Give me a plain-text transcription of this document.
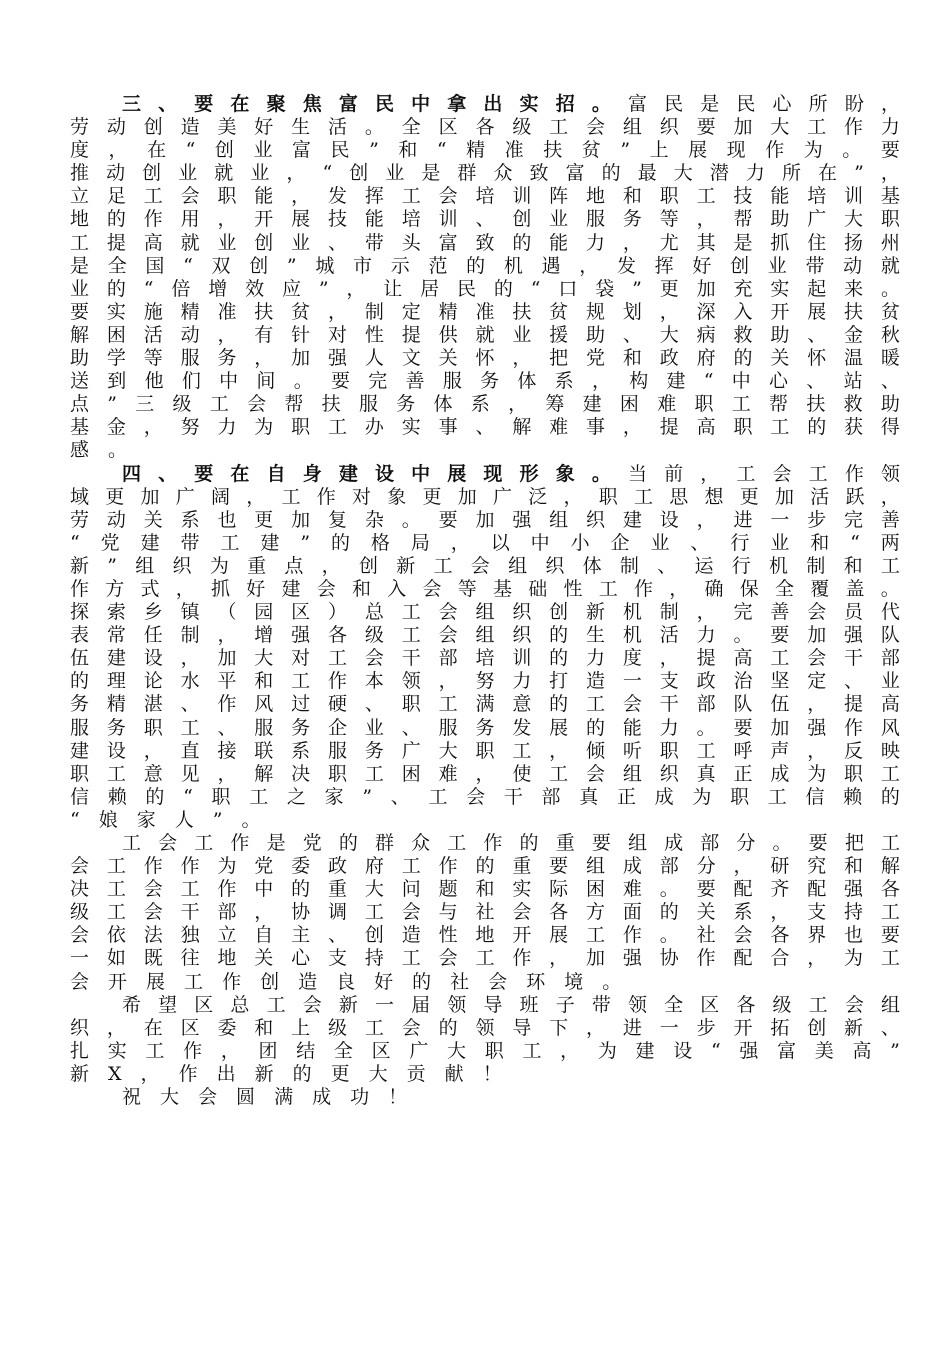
三 、 要 在 聚 焦 富 民 中 拿 出 实 招 。 富 民 是 民 心 所 盼 ，
劳 动 创 造 美 好 生 活 。 全 区 各 级 工 会 组 织 要 加 大 工 作 力
度 ， 在 “ 创 业 富 民 ” 和 “ 精 准 扶 贫 ” 上 展 现 作 为 。 要
推 动 创 业 就 业 ， “ 创 业 是 群 众 致 富 的 最 大 潜 力 所 在 ” ，
立 足 工 会 职 能 ， 发 挥 工 会 培 训 阵 地 和 职 工 技 能 培 训 基
地 的 作 用 ， 开 展 技 能 培 训 、 创 业 服 务 等 ， 帮 助 广 大 职
工 提 高 就 业 创 业 、 带 头 富 致 的 能 力 ， 尤 其 是 抓 住 扬 州
是 全 国 “ 双 创 ” 城 市 示 范 的 机 遇 ， 发 挥 好 创 业 带 动 就
业 的 “ 倍 增 效 应 ” ， 让 居 民 的 “ 口 袋 ” 更 加 充 实 起 来 。
要 实 施 精 准 扶 贫 ， 制 定 精 准 扶 贫 规 划 ， 深 入 开 展 扶 贫
解 困 活 动 ， 有 针 对 性 提 供 就 业 援 助 、 大 病 救 助 、 金 秋
助 学 等 服 务 ， 加 强 人 文 关 怀 ， 把 党 和 政 府 的 关 怀 温 暖
送 到 他 们 中 间 。 要 完 善 服 务 体 系 ， 构 建 “ 中 心 、 站 、
点 ” 三 级 工 会 帮 扶 服 务 体 系 ， 筹 建 困 难 职 工 帮 扶 救 助
基 金 ， 努 力 为 职 工 办 实 事 、 解 难 事 ， 提 高 职 工 的 获 得
感 。
四 、 要 在 自 身 建 设 中 展 现 形 象 。 当 前 ， 工 会 工 作 领
域 更 加 广 阔 ， 工 作 对 象 更 加 广 泛 ， 职 工 思 想 更 加 活 跃 ，
劳 动 关 系 也 更 加 复 杂 。 要 加 强 组 织 建 设 ， 进 一 步 完 善
“ 党 建 带 工 建 ” 的 格 局 ， 以 中 小 企 业 、 行 业 和 “ 两
新 ” 组 织 为 重 点 ， 创 新 工 会 组 织 体 制 、 运 行 机 制 和 工
作 方 式 ， 抓 好 建 会 和 入 会 等 基 础 性 工 作 ， 确 保 全 覆 盖 。
探 索 乡 镇 （ 园 区 ） 总 工 会 组 织 创 新 机 制 ， 完 善 会 员 代
表 常 任 制 ， 增 强 各 级 工 会 组 织 的 生 机 活 力 。 要 加 强 队
伍 建 设 ， 加 大 对 工 会 干 部 培 训 的 力 度 ， 提 高 工 会 干 部
的 理 论 水 平 和 工 作 本 领 ， 努 力 打 造 一 支 政 治 坚 定 、 业
务 精 湛 、 作 风 过 硬 、 职 工 满 意 的 工 会 干 部 队 伍 ， 提 高
服 务 职 工 、 服 务 企 业 、 服 务 发 展 的 能 力 。 要 加 强 作 风
建 设 ， 直 接 联 系 服 务 广 大 职 工 ， 倾 听 职 工 呼 声 ， 反 映
职 工 意 见 ， 解 决 职 工 困 难 ， 使 工 会 组 织 真 正 成 为 职 工
信 赖 的 “ 职 工 之 家 ” 、 工 会 干 部 真 正 成 为 职 工 信 赖 的
“ 娘 家 人 ” 。
工 会 工 作 是 党 的 群 众 工 作 的 重 要 组 成 部 分 。 要 把 工
会 工 作 作 为 党 委 政 府 工 作 的 重 要 组 成 部 分 ， 研 究 和 解
决 工 会 工 作 中 的 重 大 问 题 和 实 际 困 难 。 要 配 齐 配 强 各
级 工 会 干 部 ， 协 调 工 会 与 社 会 各 方 面 的 关 系 ， 支 持 工
会 依 法 独 立 自 主 、 创 造 性 地 开 展 工 作 。 社 会 各 界 也 要
一 如 既 往 地 关 心 支 持 工 会 工 作 ， 加 强 协 作 配 合 ， 为 工
会 开 展 工 作 创 造 良 好 的 社 会 环 境 。
希 望 区 总 工 会 新 一 届 领 导 班 子 带 领 全 区 各 级 工 会 组
织 ， 在 区 委 和 上 级 工 会 的 领 导 下 ， 进 一 步 开 拓 创 新 、
扎 实 工 作 ， 团 结 全 区 广 大 职 工 ， 为 建 设 “ 强 富 美 高 ”
新 X ， 作 出 新 的 更 大 贡 献 ！
祝 大 会 圆 满 成 功 ！
